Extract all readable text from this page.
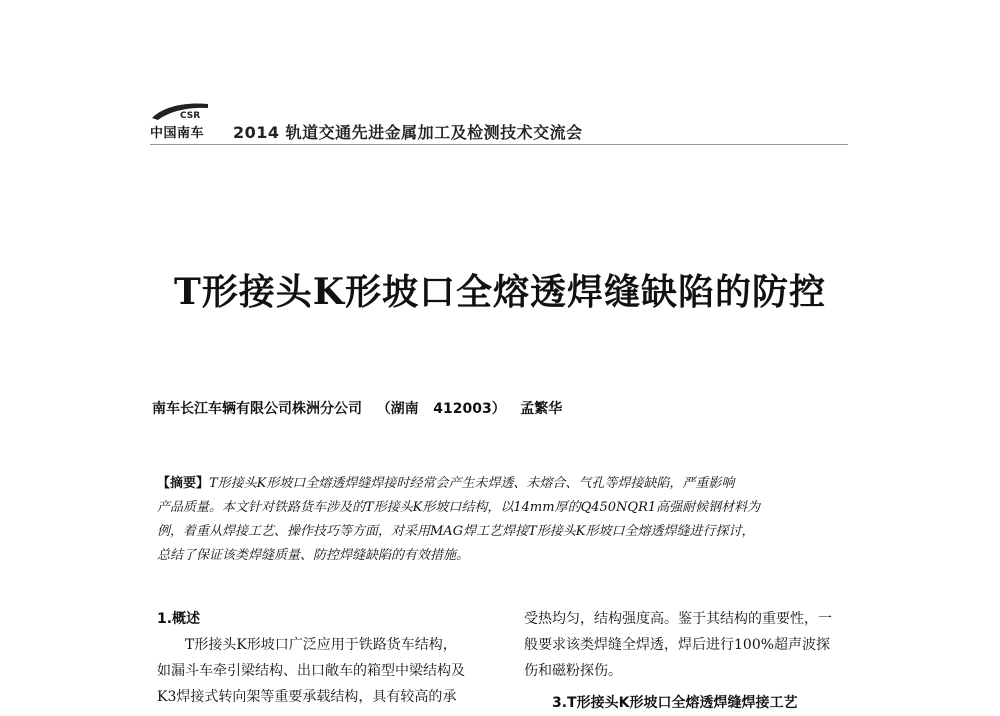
CSR
中国南车 2014 轨道交通先进金属加工及检测技术交流会
T形接头K形坡口全熔透焊缝缺陷的防控
南车长江车辆有限公司株洲分公司   （湖南   412003）   孟繁华
【摘要】T形接头K形坡口全熔透焊缝焊接时经常会产生未焊透、未熔合、气孔等焊接缺陷，严重影响
产品质量。本文针对铁路货车涉及的T形接头K形坡口结构，以14mm厚的Q450NQR1高强耐候钢材料为
例，着重从焊接工艺、操作技巧等方面，对采用MAG焊工艺焊接T形接头K形坡口全熔透焊缝进行探讨，
总结了保证该类焊缝质量、防控焊缝缺陷的有效措施。
1.概述
T形接头K形坡口广泛应用于铁路货车结构，
如漏斗车牵引梁结构、出口敞车的箱型中梁结构及
K3焊接式转向架等重要承载结构，具有较高的承
受热均匀，结构强度高。鉴于其结构的重要性，一
般要求该类焊缝全焊透，焊后进行100%超声波探
伤和磁粉探伤。
3.T形接头K形坡口全熔透焊缝焊接工艺
